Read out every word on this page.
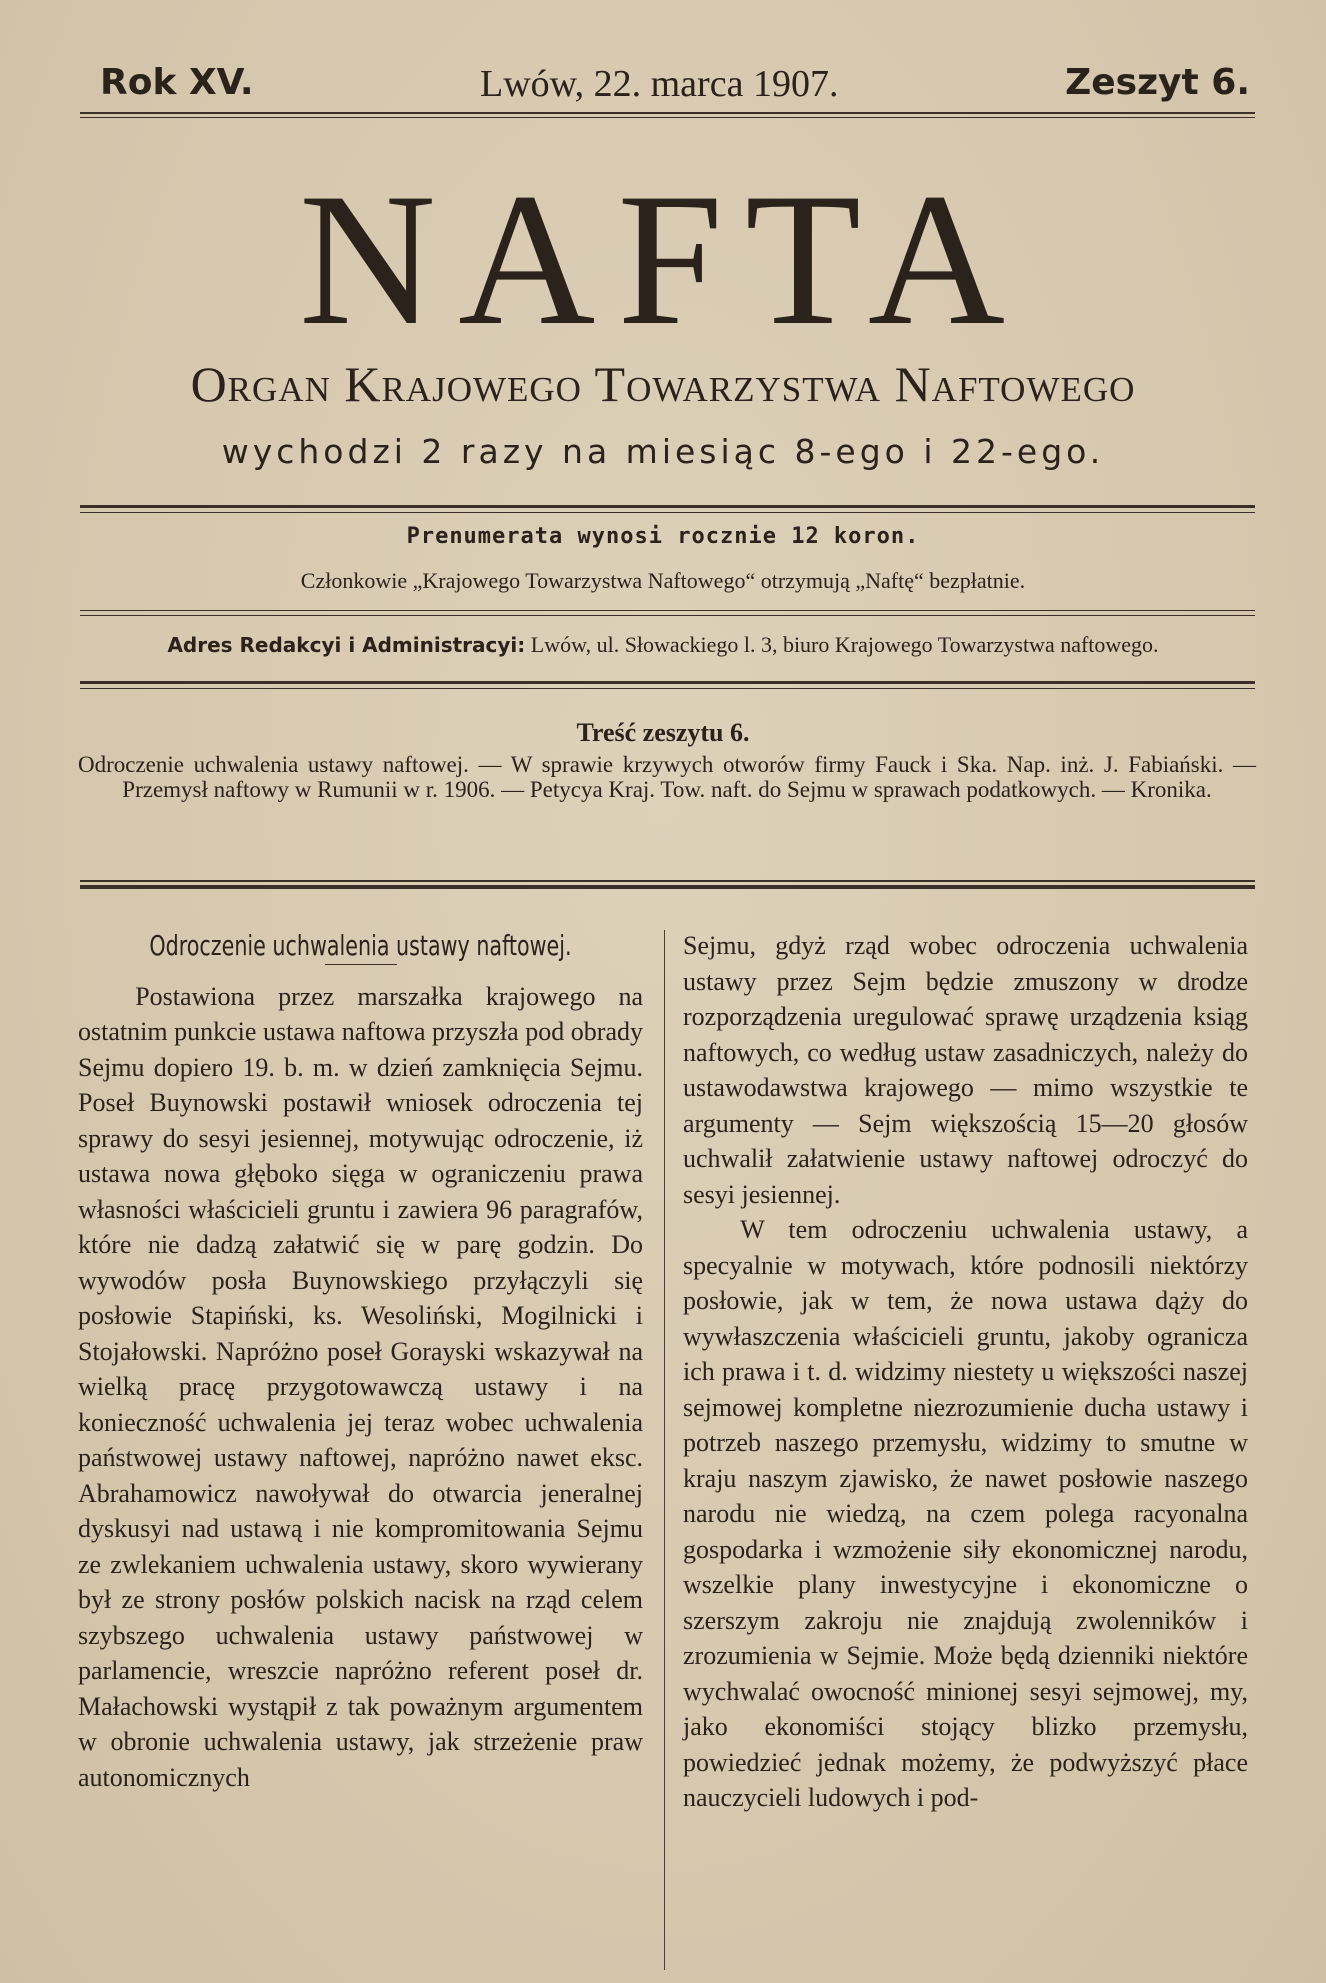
Rok XV.	Lwów, 22. marca 1907.	Zeszyt 6.
NAFTA
Organ Krajowego Towarzystwa Naftowego
wychodzi 2 razy na miesiąc 8-ego i 22-ego.
Prenumerata wynosi rocznie 12 koron.
Członkowie „Krajowego Towarzystwa Naftowego“ otrzymują „Naftę“ bezpłatnie.
Adres Redakcyi i Administracyi: Lwów, ul. Słowackiego l. 3, biuro Krajowego Towarzystwa naftowego.
Treść zeszytu 6.
Odroczenie uchwalenia ustawy naftowej. — W sprawie krzywych otworów firmy Fauck i Ska. Nap. inż. J. Fabiański. — Przemysł naftowy w Rumunii w r. 1906. — Petycya Kraj. Tow. naft. do Sejmu w sprawach podatkowych. — Kronika.

Odroczenie uchwalenia ustawy naftowej.

Postawiona przez marszałka krajowego na ostatnim punkcie ustawa naftowa przyszła pod obrady Sejmu dopiero 19. b. m. w dzień zamknięcia Sejmu. Poseł Buynowski postawił wniosek odroczenia tej sprawy do sesyi jesiennej, motywując odroczenie, iż ustawa nowa głęboko sięga w ograniczeniu prawa własności właścicieli gruntu i zawiera 96 paragrafów, które nie dadzą załatwić się w parę godzin. Do wywodów posła Buynowskiego przyłączyli się posłowie Stapiński, ks. Wesoliński, Mogilnicki i Stojałowski. Napróżno poseł Gorayski wskazywał na wielką pracę przygotowawczą ustawy i na konieczność uchwalenia jej teraz wobec uchwalenia państwowej ustawy naftowej, napróżno nawet eksc. Abrahamowicz nawoływał do otwarcia jeneralnej dyskusyi nad ustawą i nie kompromitowania Sejmu ze zwlekaniem uchwalenia ustawy, skoro wywierany był ze strony posłów polskich nacisk na rząd celem szybszego uchwalenia ustawy państwowej w parlamencie, wreszcie napróżno referent poseł dr. Małachowski wystąpił z tak poważnym argumentem w obronie uchwalenia ustawy, jak strzeżenie praw autonomicznych

Sejmu, gdyż rząd wobec odroczenia uchwalenia ustawy przez Sejm będzie zmuszony w drodze rozporządzenia uregulować sprawę urządzenia ksiąg naftowych, co według ustaw zasadniczych, należy do ustawodawstwa krajowego — mimo wszystkie te argumenty — Sejm większością 15—20 głosów uchwalił załatwienie ustawy naftowej odroczyć do sesyi jesiennej.

W tem odroczeniu uchwalenia ustawy, a specyalnie w motywach, które podnosili niektórzy posłowie, jak w tem, że nowa ustawa dąży do wywłaszczenia właścicieli gruntu, jakoby ogranicza ich prawa i t. d. widzimy niestety u większości naszej sejmowej kompletne niezrozumienie ducha ustawy i potrzeb naszego przemysłu, widzimy to smutne w kraju naszym zjawisko, że nawet posłowie naszego narodu nie wiedzą, na czem polega racyonalna gospodarka i wzmożenie siły ekonomicznej narodu, wszelkie plany inwestycyjne i ekonomiczne o szerszym zakroju nie znajdują zwolenników i zrozumienia w Sejmie. Może będą dzienniki niektóre wychwalać owocność minionej sesyi sejmowej, my, jako ekonomiści stojący blizko przemysłu, powiedzieć jednak możemy, że podwyższyć płace nauczycieli ludowych i pod-
